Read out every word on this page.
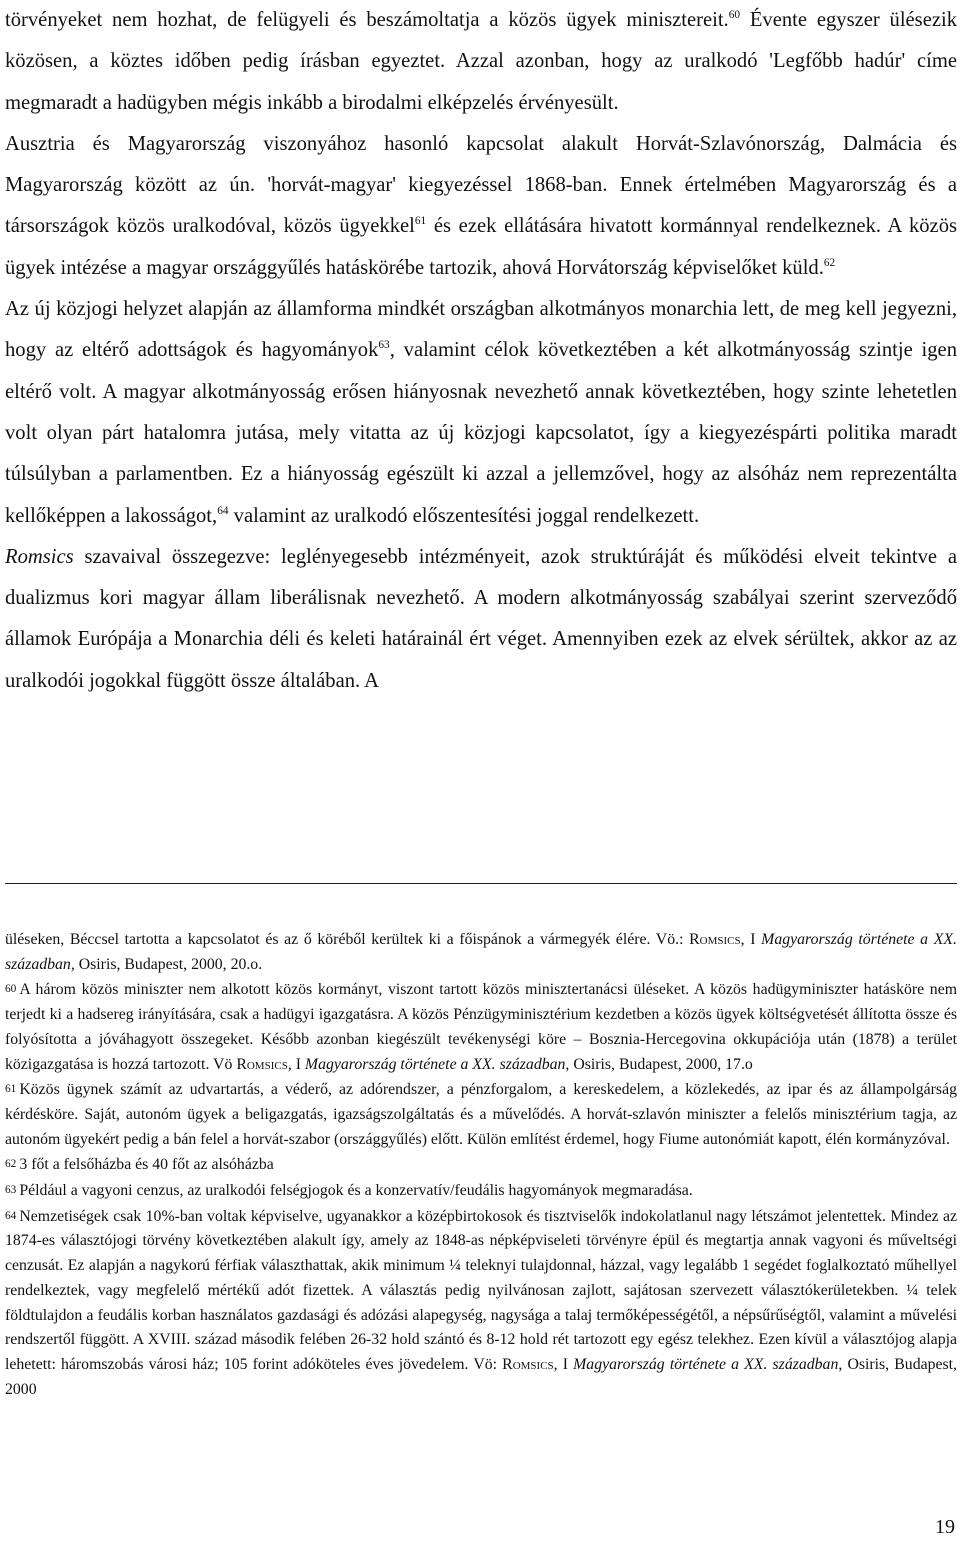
törvényeket nem hozhat, de felügyeli és beszámoltatja a közös ügyek minisztereit.$^{60}$ Évente egyszer ülésezik közösen, a köztes időben pedig írásban egyeztet. Azzal azonban, hogy az uralkodó 'Legfőbb hadúr' címe megmaradt a hadügyben mégis inkább a birodalmi elképzelés érvényesült.

Ausztria és Magyarország viszonyához hasonló kapcsolat alakult Horvát-Szlavónország, Dalmácia és Magyarország között az ún. 'horvát-magyar' kiegyezéssel 1868-ban. Ennek értelmében Magyarország és a társországok közös uralkodóval, közös ügyekkel$^{61}$ és ezek ellátására hivatott kormánnyal rendelkeznek. A közös ügyek intézése a magyar országgyűlés hatáskörébe tartozik, ahová Horvátország képviselőket küld.$^{62}$

Az új közjogi helyzet alapján az államforma mindkét országban alkotmányos monarchia lett, de meg kell jegyezni, hogy az eltérő adottságok és hagyományok$^{63}$, valamint célok következtében a két alkotmányosság szintje igen eltérő volt. A magyar alkotmányosság erősen hiányosnak nevezhető annak következtében, hogy szinte lehetetlen volt olyan párt hatalomra jutása, mely vitatta az új közjogi kapcsolatot, így a kiegyezéspárti politika maradt túlsúlyban a parlamentben. Ez a hiányosság egészült ki azzal a jellemzővel, hogy az alsóház nem reprezentálta kellőképpen a lakosságot,$^{64}$ valamint az uralkodó előszentesítési joggal rendelkezett.

Romsics szavaival összegezve: leglényegesebb intézményeit, azok struktúráját és működési elveit tekintve a dualizmus kori magyar állam liberálisnak nevezhető. A modern alkotmányosság szabályai szerint szerveződő államok Európája a Monarchia déli és keleti határainál ért véget. Amennyiben ezek az elvek sérültek, akkor az az uralkodói jogokkal függött össze általában. A

üléseken, Béccsel tartotta a kapcsolatot és az ő köréből kerültek ki a főispánok a vármegyék élére. Vö.: Romsics, I Magyarország története a XX. században, Osiris, Budapest, 2000, 20.o.

60 A három közös miniszter nem alkotott közös kormányt, viszont tartott közös minisztertanácsi üléseket. A közös hadügyminiszter hatásköre nem terjedt ki a hadsereg irányítására, csak a hadügyi igazgatásra. A közös Pénzügyminisztérium kezdetben a közös ügyek költségvetését állította össze és folyósította a jóváhagyott összegeket. Később azonban kiegészült tevékenységi köre – Bosznia-Hercegovina okkupációja után (1878) a terület közigazgatása is hozzá tartozott. Vö Romsics, I Magyarország története a XX. században, Osiris, Budapest, 2000, 17.o

61 Közös ügynek számít az udvartartás, a véderő, az adórendszer, a pénzforgalom, a kereskedelem, a közlekedés, az ipar és az állampolgárság kérdésköre. Saját, autonóm ügyek a beligazgatás, igazságszolgáltatás és a művelődés. A horvát-szlavón miniszter a felelős minisztérium tagja, az autonóm ügyekért pedig a bán felel a horvát-szabor (országgyűlés) előtt. Külön említést érdemel, hogy Fiume autonómiát kapott, élén kormányzóval.

62 3 főt a felsőházba és 40 főt az alsóházba

63 Például a vagyoni cenzus, az uralkodói felségjogok és a konzervatív/feudális hagyományok megmaradása.

64 Nemzetiségek csak 10%-ban voltak képviselve, ugyanakkor a középbirtokosok és tisztviselők indokolatlanul nagy létszámot jelentettek. Mindez az 1874-es választójogi törvény következtében alakult így, amely az 1848-as népképviseleti törvényre épül és megtartja annak vagyoni és műveltségi cenzusát. Ez alapján a nagykorú férfiak választhattak, akik minimum ¼ teleknyi tulajdonnal, házzal, vagy legalább 1 segédet foglalkoztató műhellyel rendelkeztek, vagy megfelelő mértékű adót fizettek. A választás pedig nyilvánosan zajlott, sajátosan szervezett választókerületekben. ¼ telek földtulajdon a feudális korban használatos gazdasági és adózási alapegység, nagysága a talaj termőképességétől, a népsűrűségtől, valamint a művelési rendszertől függött. A XVIII. század második felében 26-32 hold szántó és 8-12 hold rét tartozott egy egész telekhez. Ezen kívül a választójog alapja lehetett: háromszobás városi ház; 105 forint adóköteles éves jövedelem. Vö: Romsics, I Magyarország története a XX. században, Osiris, Budapest, 2000

19
